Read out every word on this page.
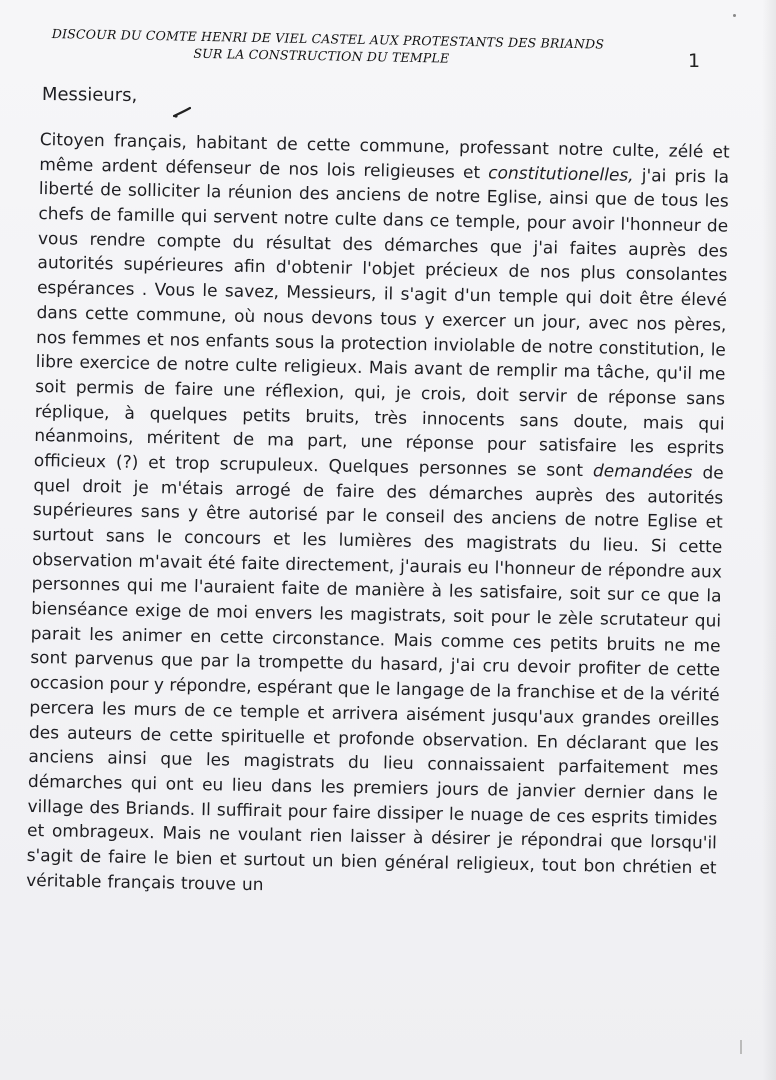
DISCOUR DU COMTE HENRI DE VIEL CASTEL AUX PROTESTANTS DES BRIANDS
SUR LA CONSTRUCTION DU TEMPLE	1
Messieurs,
Citoyen français, habitant de cette commune, professant notre culte, zélé et
même ardent défenseur de nos lois religieuses et constitutionelles, j'ai pris la
liberté de solliciter la réunion des anciens de notre Eglise, ainsi que de tous les
chefs de famille qui servent notre culte dans ce temple, pour avoir l'honneur de
vous rendre compte du résultat des démarches que j'ai faites auprès des
autorités supérieures afin d'obtenir l'objet précieux de nos plus consolantes
espérances . Vous le savez, Messieurs, il s'agit d'un temple qui doit être élevé
dans cette commune, où nous devons tous y exercer un jour, avec nos pères,
nos femmes et nos enfants sous la protection inviolable de notre constitution, le
libre exercice de notre culte religieux. Mais avant de remplir ma tâche, qu'il me
soit permis de faire une réflexion, qui, je crois, doit servir de réponse sans
réplique, à quelques petits bruits, très innocents sans doute, mais qui
néanmoins, méritent de ma part, une réponse pour satisfaire les esprits
officieux (?) et trop scrupuleux. Quelques personnes se sont demandées de
quel droit je m'étais arrogé de faire des démarches auprès des autorités
supérieures sans y être autorisé par le conseil des anciens de notre Eglise et
surtout sans le concours et les lumières des magistrats du lieu. Si cette
observation m'avait été faite directement, j'aurais eu l'honneur de répondre aux
personnes qui me l'auraient faite de manière à les satisfaire, soit sur ce que la
bienséance exige de moi envers les magistrats, soit pour le zèle scrutateur qui
parait les animer en cette circonstance. Mais comme ces petits bruits ne me
sont parvenus que par la trompette du hasard, j'ai cru devoir profiter de cette
occasion pour y répondre, espérant que le langage de la franchise et de la vérité
percera les murs de ce temple et arrivera aisément jusqu'aux grandes oreilles
des auteurs de cette spirituelle et profonde observation. En déclarant que les
anciens ainsi que les magistrats du lieu connaissaient parfaitement mes
démarches qui ont eu lieu dans les premiers jours de janvier dernier dans le
village des Briands. Il suffirait pour faire dissiper le nuage de ces esprits timides
et ombrageux. Mais ne voulant rien laisser à désirer je répondrai que lorsqu'il
s'agit de faire le bien et surtout un bien général religieux, tout bon chrétien et
véritable français trouve un
